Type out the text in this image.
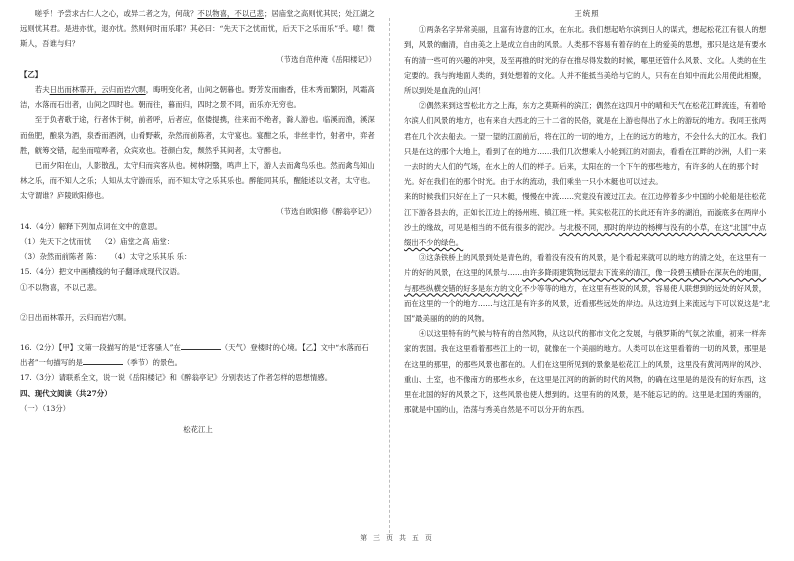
嗟乎！予尝求古仁人之心，或异二者之为，何哉？不以物喜，不以己悲；居庙堂之高则忧其民；处江湖之远则忧其君。是进亦忧，退亦忧。然则何时而乐耶？其必曰：“先天下之忧而忧，后天下之乐而乐”乎。噫！微斯人，吾谁与归？

（节选自范仲淹《岳阳楼记》）

【乙】

若夫日出而林霏开，云归而岩穴暝，晦明变化者，山间之朝暮也。野芳发而幽香，佳木秀而繁阴，风霜高洁，水落而石出者，山间之四时也。朝而往，暮而归，四时之景不同，而乐亦无穷也。

至于负者歌于途，行者休于树，前者呼，后者应，伛偻提携，往来而不绝者，滁人游也。临溪而渔，溪深而鱼肥，酿泉为酒，泉香而酒洌，山肴野蔌，杂然而前陈者，太守宴也。宴酣之乐，非丝非竹，射者中，弈者胜，觥筹交错，起坐而喧哗者，众宾欢也。苍颜白发，颓然乎其间者，太守醉也。

已而夕阳在山，人影散乱，太守归而宾客从也。树林阴翳，鸣声上下，游人去而禽鸟乐也。然而禽鸟知山林之乐，而不知人之乐；人知从太守游而乐，而不知太守之乐其乐也。醉能同其乐，醒能述以文者，太守也。太守谓谁？庐陵欧阳修也。

（节选自欧阳修《醉翁亭记》）

14.（4分）解释下列加点词在文中的意思。

（1）先天下之忧而忧 （2）庙堂之高 庙堂：

（3）杂然而前陈者 陈： （4）太守之乐其乐 乐：

15.（4分）把文中画横线的句子翻译成现代汉语。

①不以物喜，不以己悲。

②日出而林霏开，云归而岩穴暝。

16.（2分）【甲】文第一段描写的是“迁客骚人”在	（天气）登楼时的心境。【乙】文中“水落而石出者”一句描写的是	（季节）的景色。

17.（3分）请联系全文，说一说《岳阳楼记》和《醉翁亭记》分别表达了作者怎样的思想情感。

四、现代文阅读（共27分）

（一）（13分）

松花江上

王统照

①两条名字异常美丽，且富有诗意的江水，在东北。我们想起哈尔滨到日人的谋式，想起松花江有很人的想到，风景的幽清，自由美之上是成立自由的风景。人类那不容易有着存的在上的爱美的思想，那只是这是有要水有的清一些可的兴趣的冲突，及至再推的时光的存在推尽得发数的时候，哪里还管什么风景、文化。人类的在生定要的。我与拘地面人类的，到处想着的文化。人并不能抵当美给与它的人，只有在自知中而此公用使此相聚，所以到处是血洗的山河！

②偶然来到这雪松北方之上海，东方之莫斯科的滨江；偶然在这四月中的晴和天气在松花江畔流连，有着哈尔滨人们风景的地方，也有来自大西北的三十二省的民俗，就是在上游也得出了水上的游玩的地方。我同王张两君在几个次去船去。一望一望的江面前后，将在江的一切的地方，上在的远方的地方，不会什么大的江水。我们只是在这的那个大地上，看到了在的地方……我们几次想乘人小轮到江的对面去，看看在江畔的沙洲，人们一来一去时的大人们的气场，在水上的人们的样子。后来，太阳在的一个下午的那些地方，有许多的人在的那个时光。好在我们在的那个时光。由于水的流动，我们乘坐一只小木艇也可以过去。

来的时候我们只好在上了一只木艇，慢慢在中流……究竟没有渡过江去。在江边停着多少中国的小轮船是往松花江下游各县去的，正如长江边上的扬州班、镇江班一样。其实松花江的长此还有许多的湖泊，而漩底多在两岸小沙土的缘故，可见是相当的不低有很多的泥沙。与北极不同，那时的岸边的杨柳与没有的小草，在这“北国”中点缀出不少的绿色。

③这条铁桥上的风景到处是青色的，看着没有没有的风景，是个看起来就可以的地方的清之处，在这里有一片的好的风景，在这里的风景与……由许多降雨建筑物远望去下流来的清江，像一段碧玉横卧在深灰色的地面，与那些纵横交错的好多是东方的文化不少等等的地方，在这里有些说的风景，容易使人联想到的远处的好风景，而在这里的一个的地方……与这江是有许多的风景，近看那些远处的岸边。从这边到上来流远与下可以说这是“北国”最美丽的的的的风物。

④以这里特有的气候与特有的自然风物，从这以代的都市文化之发展，与俄罗斯的气氛之浓重，初来一样奔家的衷国。我在这里看着那些江上的一切，就像在一个美丽的地方。人类可以在这里看着的一切的风景，那里是在这里的那里，的那些风景也都在的。人们在这里所见到的景象是松花江上的风景，这里没有黄河两岸的风沙、重山、土室，也不像南方的那些水乡，在这里是江河的的新的时代的风物，的确在这里是的是没有的好东西，这里在北国的好的风景之下，这些风景也使人想到的。这里有的的风景，是不能忘记的的。这里是北国的秀丽的，那就是中国的山，浩荡与秀美自然是不可以分开的东西。

第 三 页 共 五 页
